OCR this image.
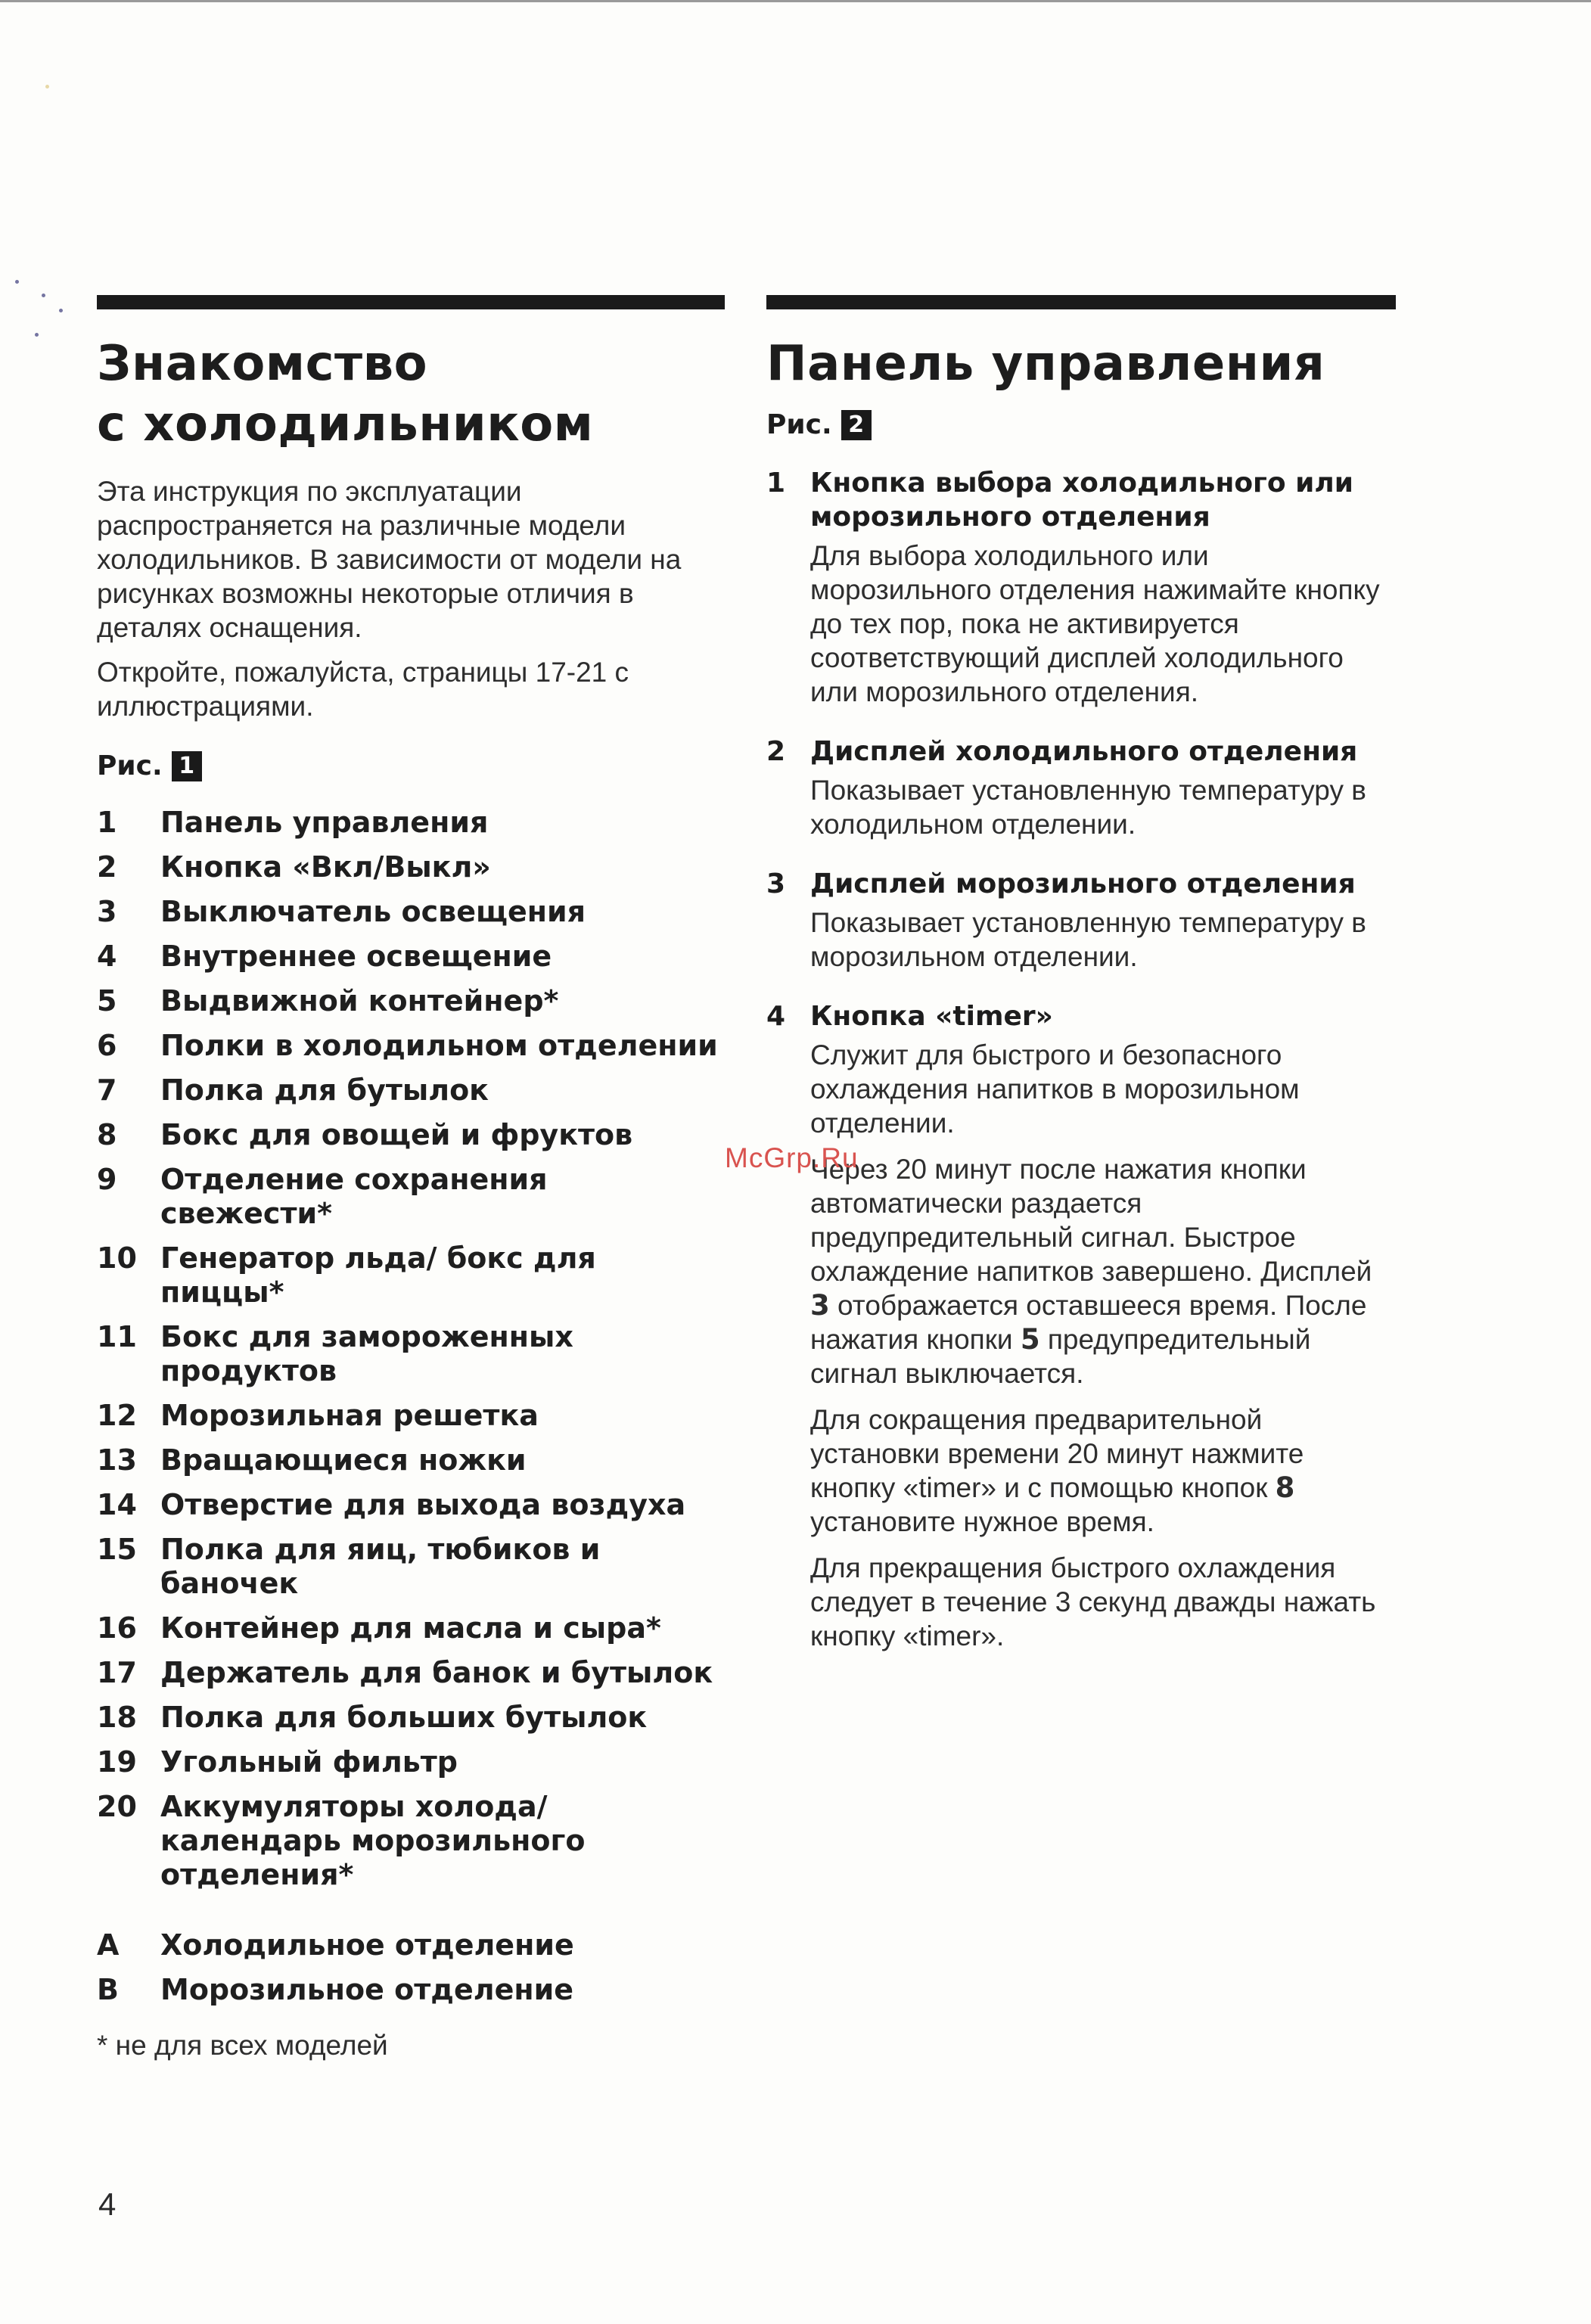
Знакомство
с холодильником

Эта инструкция по эксплуатации распространяется на различные модели холодильников. В зависимости от модели на рисунках возможны некоторые отличия в деталях оснащения.

Откройте, пожалуйста, страницы 17-21 с иллюстрациями.

Рис. 1
1	Панель управления
2	Кнопка «Вкл/Выкл»
3	Выключатель освещения
4	Внутреннее освещение
5	Выдвижной контейнер*
6	Полки в холодильном отделении
7	Полка для бутылок
8	Бокс для овощей и фруктов
9	Отделение сохранения свежести*
10 Генератор льда/ бокс для пиццы*
11 Бокс для замороженных продуктов
12 Морозильная решетка
13 Вращающиеся ножки
14 Отверстие для выхода воздуха
15 Полка для яиц, тюбиков и баночек
16 Контейнер для масла и сыра*
17 Держатель для банок и бутылок
18 Полка для больших бутылок
19 Угольный фильтр
20 Аккумуляторы холода/ календарь морозильного отделения*
A	Холодильное отделение
B	Морозильное отделение
* не для всех моделей
Панель управления
Рис. 2
1 Кнопка выбора холодильного или морозильного отделения

Для выбора холодильного или морозильного отделения нажимайте кнопку до тех пор, пока не активируется соответствующий дисплей холодильного или морозильного отделения.

2 Дисплей холодильного отделения

Показывает установленную температуру в холодильном отделении.

3 Дисплей морозильного отделения

Показывает установленную температуру в морозильном отделении.

4 Кнопка «timer»

Служит для быстрого и безопасного охлаждения напитков в морозильном отделении.

Через 20 минут после нажатия кнопки автоматически раздается предупредительный сигнал. Быстрое охлаждение напитков завершено. Дисплей 3 отображается оставшееся время. После нажатия кнопки 5 предупредительный сигнал выключается.

Для сокращения предварительной установки времени 20 минут нажмите кнопку «timer» и с помощью кнопок 8 установите нужное время.

Для прекращения быстрого охлаждения следует в течение 3 секунд дважды нажать кнопку «timer».

McGrp.Ru
4
